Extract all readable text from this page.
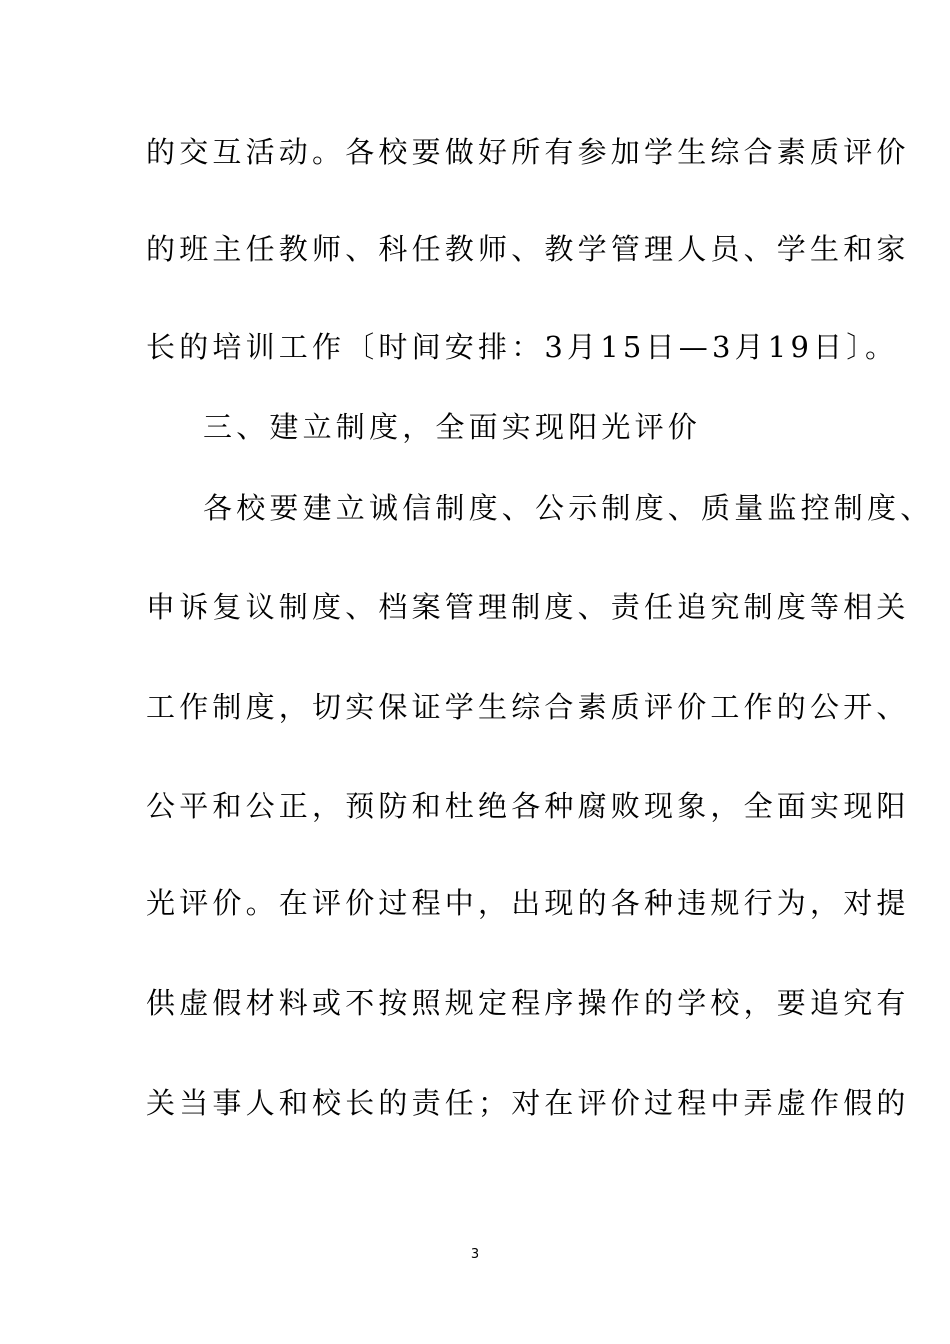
的交互活动。各校要做好所有参加学生综合素质评价
的班主任教师、科任教师、教学管理人员、学生和家
长的培训工作〔时间安排：3月15日—3月19日〕。
三、建立制度，全面实现阳光评价
各校要建立诚信制度、公示制度、质量监控制度、
申诉复议制度、档案管理制度、责任追究制度等相关
工作制度，切实保证学生综合素质评价工作的公开、
公平和公正，预防和杜绝各种腐败现象，全面实现阳
光评价。在评价过程中，出现的各种违规行为，对提
供虚假材料或不按照规定程序操作的学校，要追究有
关当事人和校长的责任；对在评价过程中弄虚作假的
3
